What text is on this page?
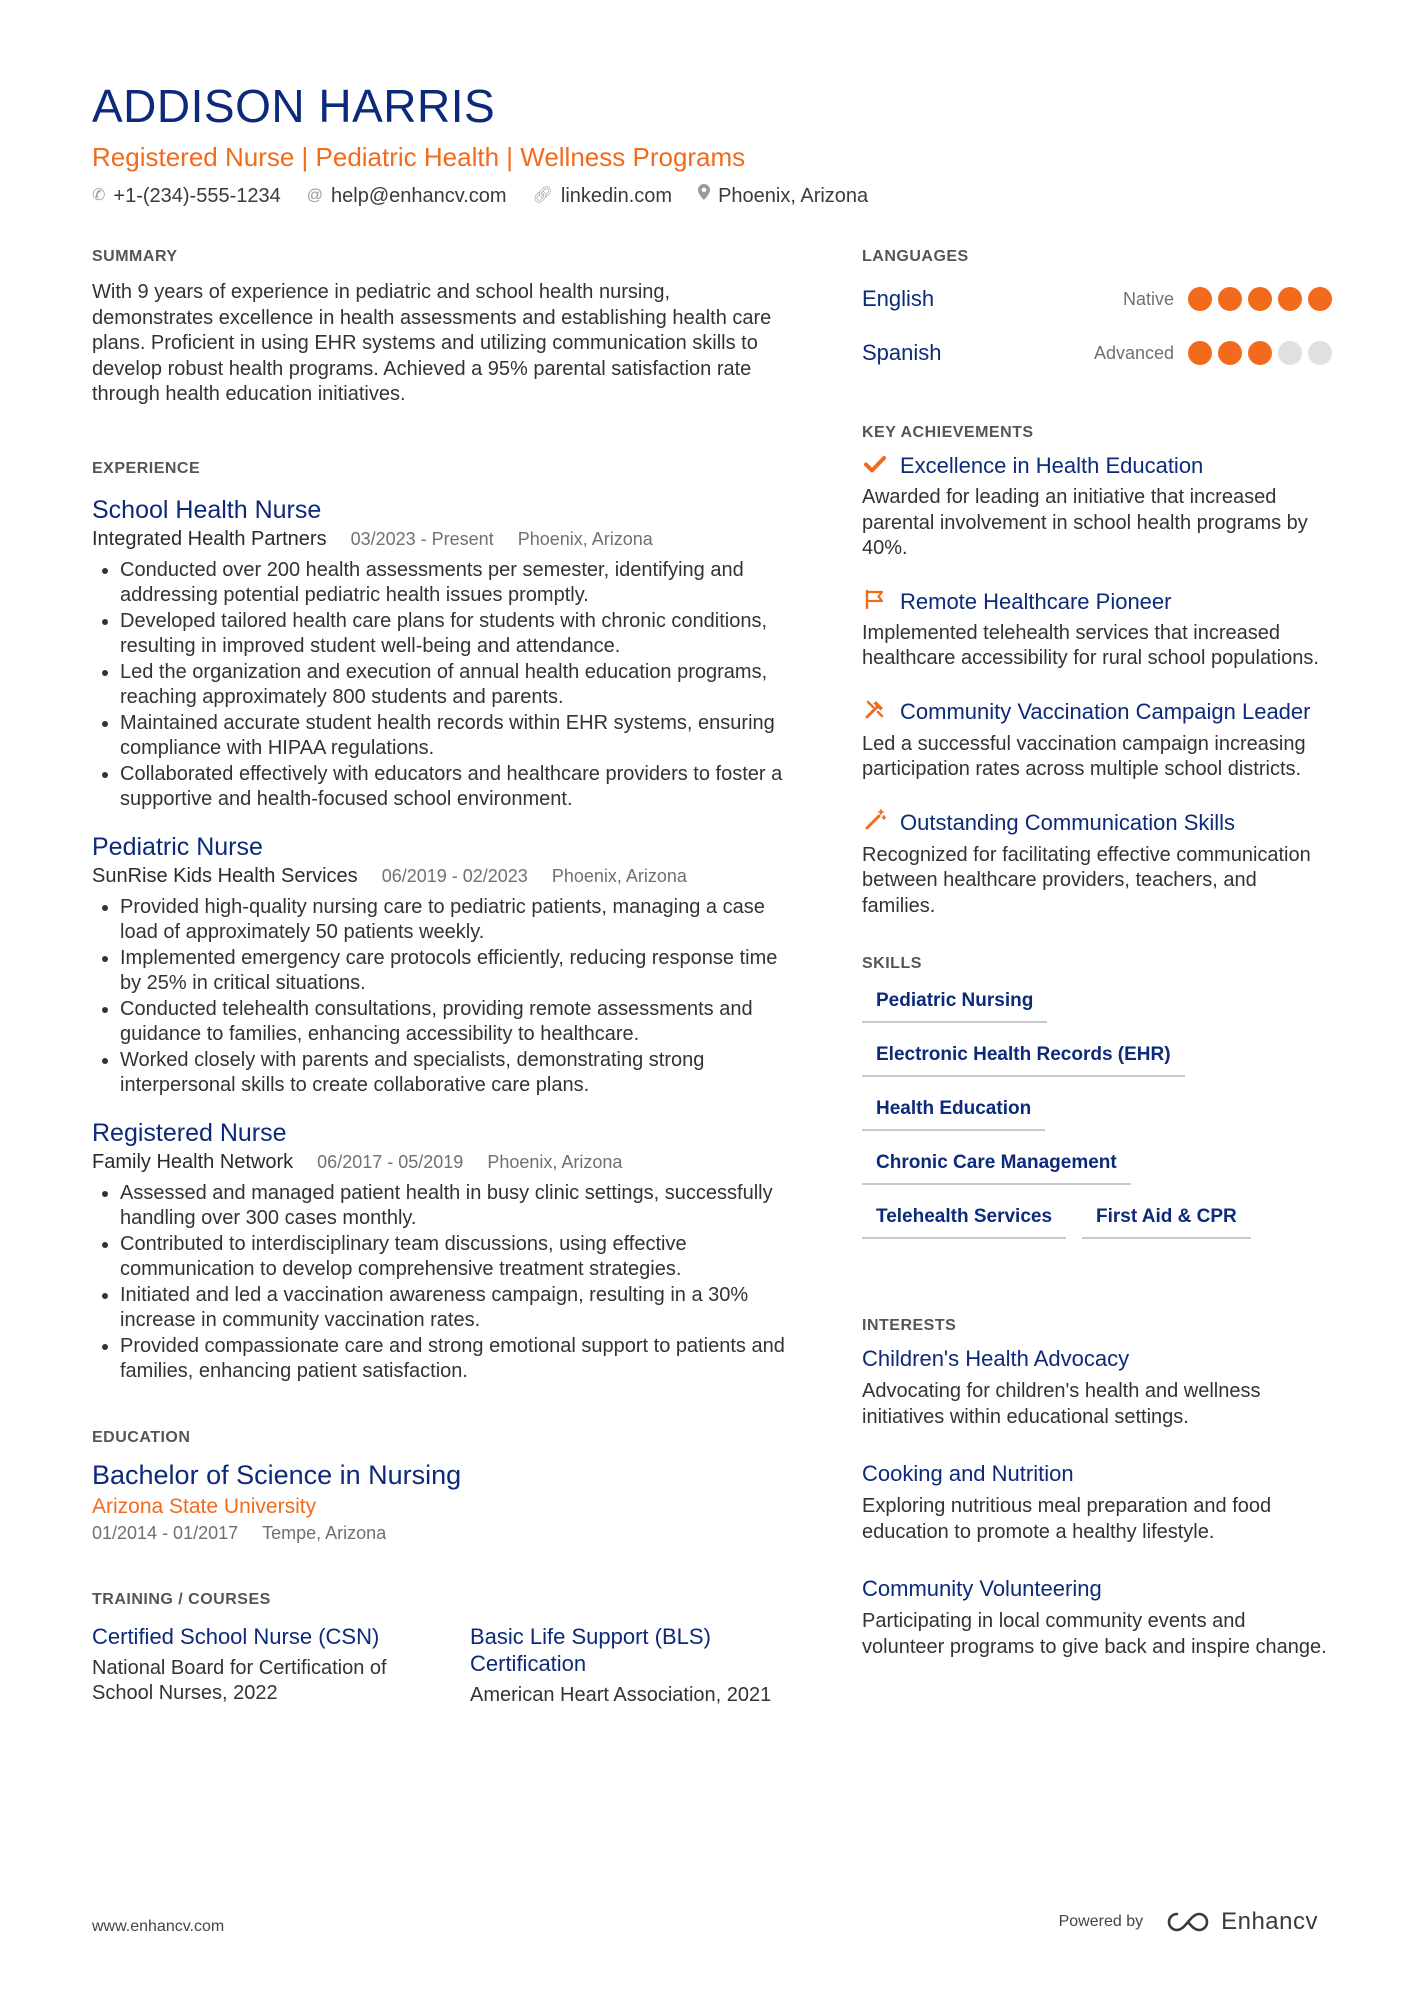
ADDISON HARRIS
Registered Nurse | Pediatric Health | Wellness Programs
✆ +1-(234)-555-1234 @ help@enhancv.com 🔗︎ linkedin.com Phoenix, Arizona
SUMMARY

With 9 years of experience in pediatric and school health nursing, demonstrates excellence in health assessments and establishing health care plans. Proficient in using EHR systems and utilizing communication skills to develop robust health programs. Achieved a 95% parental satisfaction rate through health education initiatives.

EXPERIENCE
School Health Nurse
Integrated Health Partners 03/2023 - Present Phoenix, Arizona
• Conducted over 200 health assessments per semester, identifying and addressing potential pediatric health issues promptly.
• Developed tailored health care plans for students with chronic conditions, resulting in improved student well-being and attendance.
• Led the organization and execution of annual health education programs, reaching approximately 800 students and parents.
• Maintained accurate student health records within EHR systems, ensuring compliance with HIPAA regulations.
• Collaborated effectively with educators and healthcare providers to foster a supportive and health-focused school environment.
Pediatric Nurse
SunRise Kids Health Services 06/2019 - 02/2023 Phoenix, Arizona
• Provided high-quality nursing care to pediatric patients, managing a case load of approximately 50 patients weekly.
• Implemented emergency care protocols efficiently, reducing response time by 25% in critical situations.
• Conducted telehealth consultations, providing remote assessments and guidance to families, enhancing accessibility to healthcare.
• Worked closely with parents and specialists, demonstrating strong interpersonal skills to create collaborative care plans.
Registered Nurse
Family Health Network 06/2017 - 05/2019 Phoenix, Arizona
• Assessed and managed patient health in busy clinic settings, successfully handling over 300 cases monthly.
• Contributed to interdisciplinary team discussions, using effective communication to develop comprehensive treatment strategies.
• Initiated and led a vaccination awareness campaign, resulting in a 30% increase in community vaccination rates.
• Provided compassionate care and strong emotional support to patients and families, enhancing patient satisfaction.
EDUCATION
Bachelor of Science in Nursing
Arizona State University
01/2014 - 01/2017 Tempe, Arizona
TRAINING / COURSES
Certified School Nurse (CSN)
National Board for Certification of School Nurses, 2022
Basic Life Support (BLS) Certification
American Heart Association, 2021
LANGUAGES
English	Native
Spanish	Advanced
KEY ACHIEVEMENTS
Excellence in Health Education
Awarded for leading an initiative that increased parental involvement in school health programs by 40%.
Remote Healthcare Pioneer
Implemented telehealth services that increased healthcare accessibility for rural school populations.
Community Vaccination Campaign Leader
Led a successful vaccination campaign increasing participation rates across multiple school districts.
Outstanding Communication Skills
Recognized for facilitating effective communication between healthcare providers, teachers, and families.
SKILLS
Pediatric Nursing
Electronic Health Records (EHR)
Health Education
Chronic Care Management
Telehealth Services	First Aid & CPR
INTERESTS
Children's Health Advocacy
Advocating for children's health and wellness initiatives within educational settings.
Cooking and Nutrition
Exploring nutritious meal preparation and food education to promote a healthy lifestyle.
Community Volunteering
Participating in local community events and volunteer programs to give back and inspire change.
www.enhancv.com	Powered by	Enhancv
